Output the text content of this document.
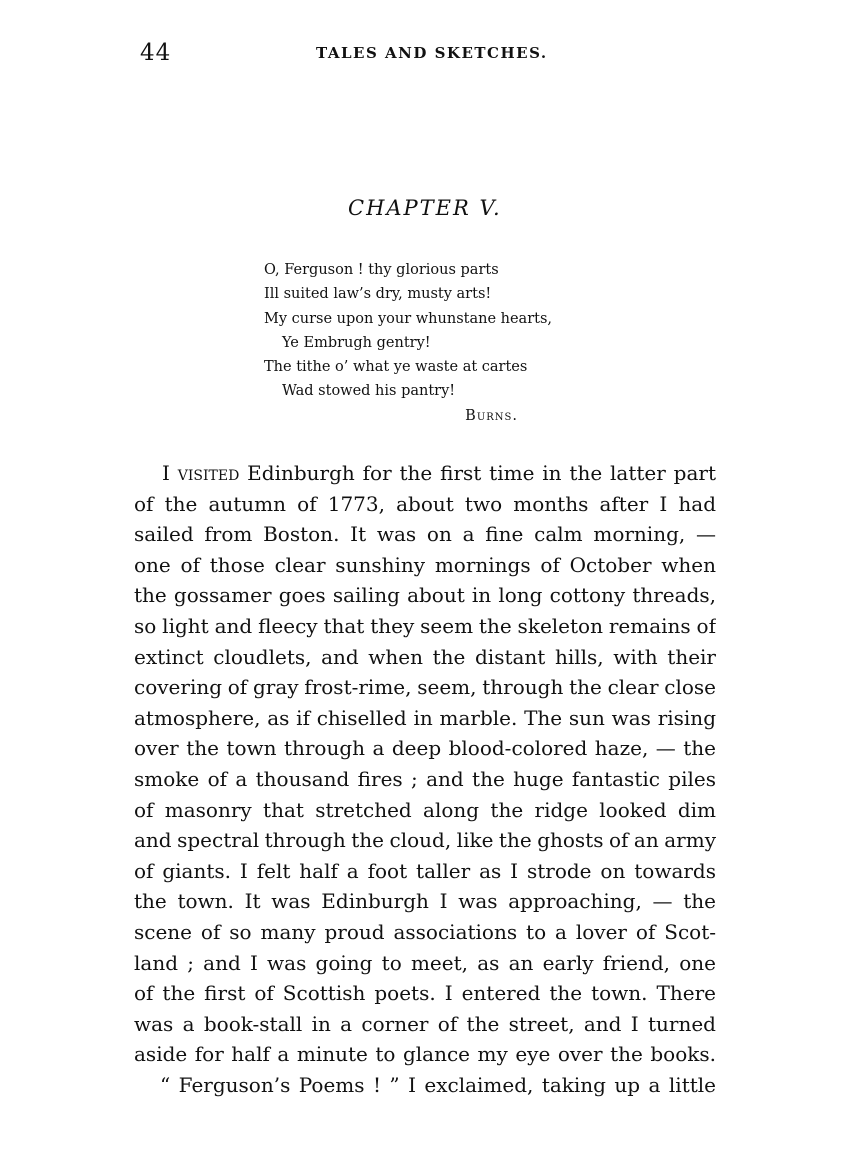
44	TALES AND SKETCHES.
CHAPTER V.
O, Ferguson ! thy glorious parts
Ill suited law’s dry, musty arts!
My curse upon your whunstane hearts,
Ye Embrugh gentry!
The tithe o’ what ye waste at cartes
Wad stowed his pantry!
Burns.
I visited Edinburgh for the first time in the latter part
of the autumn of 1773, about two months after I had
sailed from Boston. It was on a fine calm morning, —
one of those clear sunshiny mornings of October when
the gossamer goes sailing about in long cottony threads,
so light and fleecy that they seem the skeleton remains of
extinct cloudlets, and when the distant hills, with their
covering of gray frost-rime, seem, through the clear close
atmosphere, as if chiselled in marble. The sun was rising
over the town through a deep blood-colored haze, — the
smoke of a thousand fires ; and the huge fantastic piles
of masonry that stretched along the ridge looked dim
and spectral through the cloud, like the ghosts of an army
of giants. I felt half a foot taller as I strode on towards
the town. It was Edinburgh I was approaching, — the
scene of so many proud associations to a lover of Scot-
land ; and I was going to meet, as an early friend, one
of the first of Scottish poets. I entered the town. There
was a book-stall in a corner of the street, and I turned
aside for half a minute to glance my eye over the books.
“ Ferguson’s Poems ! ” I exclaimed, taking up a little
